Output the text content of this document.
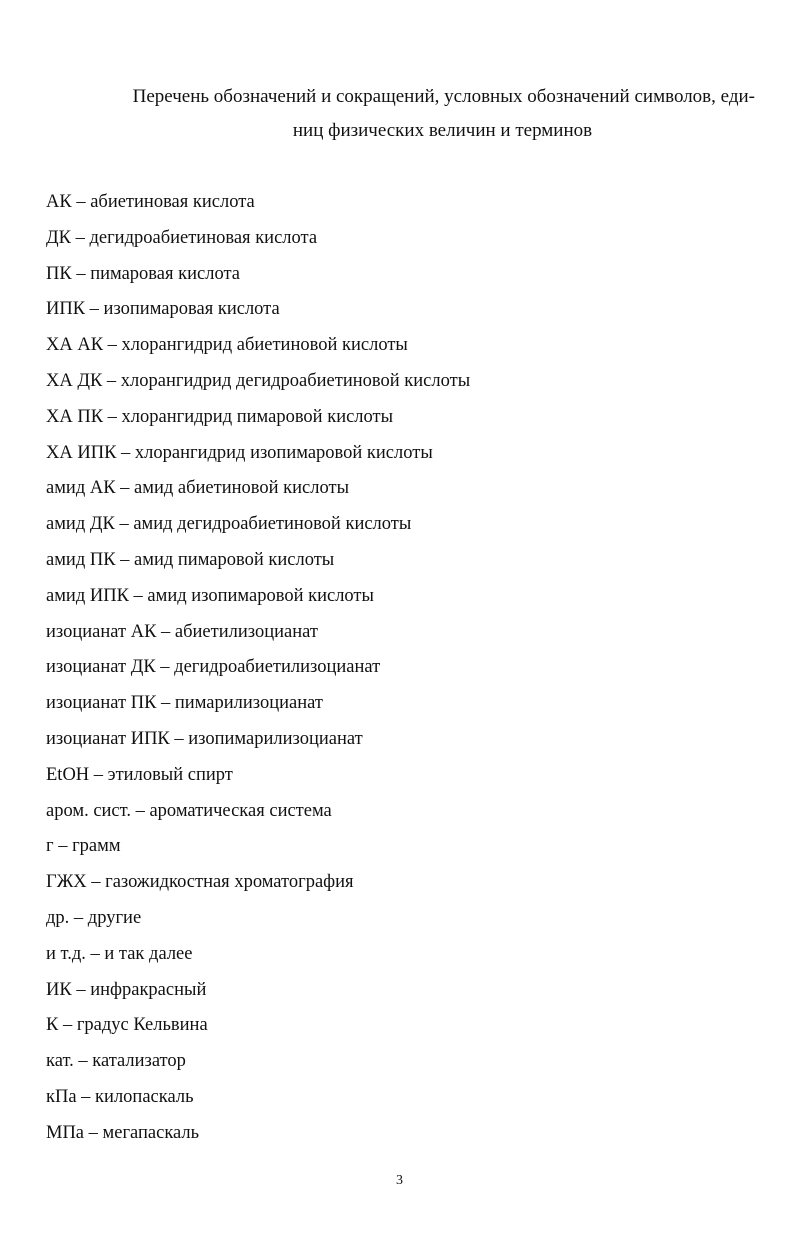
Перечень обозначений и сокращений, условных обозначений символов, еди-
ниц физических величин и терминов
АК – абиетиновая кислота
ДК – дегидроабиетиновая кислота
ПК – пимаровая кислота
ИПК – изопимаровая кислота
ХА АК – хлорангидрид абиетиновой кислоты
ХА ДК – хлорангидрид дегидроабиетиновой кислоты
ХА ПК – хлорангидрид пимаровой кислоты
ХА ИПК – хлорангидрид изопимаровой кислоты
амид АК – амид абиетиновой кислоты
амид ДК – амид дегидроабиетиновой кислоты
амид ПК – амид пимаровой кислоты
амид ИПК – амид изопимаровой кислоты
изоцианат АК – абиетилизоцианат
изоцианат ДК – дегидроабиетилизоцианат
изоцианат ПК – пимарилизоцианат
изоцианат ИПК – изопимарилизоцианат
EtOH – этиловый спирт
аром. сист. – ароматическая система
г – грамм
ГЖХ – газожидкостная хроматография
др. – другие
и т.д. – и так далее
ИК – инфракрасный
К – градус Кельвина
кат. – катализатор
кПа – килопаскаль
МПа – мегапаскаль
3
